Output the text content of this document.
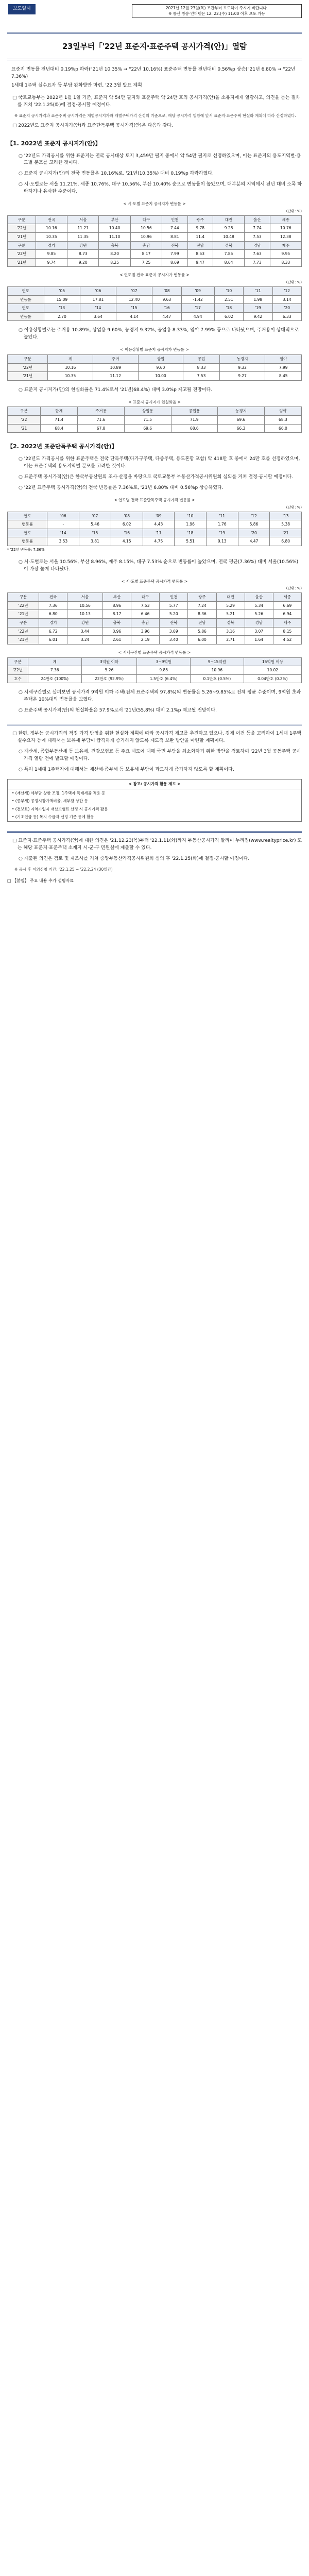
보도일시	2021년 12월 23일(목) 조간부터 보도하여 주시기 바랍니다.
※ 통신·방송·인터넷은 12. 22.(수) 11:00 이후 보도 가능
23일부터「'22년 표준지·표준주택 공시가격(안)」열람

표준지 변동률 전년대비 0.19%p 하락("21년 10.35% → "22년 10.16%) 표준주택 변동률 전년대비 0.56%p 상승("21년 6.80% → "22년 7.36%)

1세대 1주택 실수요자 등 부담 완화방안 마련, '22.3월 발표 계획

□ 국토교통부는 2022년 1월 1일 기준, 표준지 약 54만 필지와 표준주택 약 24만 호의 공시가격(안)을 소유자에게 열람하고, 의견을 듣는 절차를 거쳐 '22.1.25(화)에 결정·공시할 예정이다.

※ 표준지 공시가격과 표준주택 공시가격은 개별공시지가와 개별주택가격 산정의 기준으로, 해당 공시가격 열람에 앞서 표준지·표준주택 현실화 계획에 따라 산정하였다.

□ 2022년도 표준지 공시지가(안)과 표준단독주택 공시가격(안)은 다음과 같다.

【1. 2022년 표준지 공시지가(안)】

○ '22년도 가격공시를 위한 표준지는 전국 공시대상 토지 3,459만 필지 중에서 약 54만 필지로 선정하였으며, 이는 표준지의 용도지역별·용도별 분포를 고려한 것이다.

○ 표준지 공시지가(안)의 전국 변동률은 10.16%로, '21년(10.35%) 대비 0.19%p 하락하였다.

○ 시·도별로는 서울 11.21%, 세종 10.76%, 대구 10.56%, 부산 10.40% 순으로 변동률이 높았으며, 대부분의 지역에서 전년 대비 소폭 하락하거나 유사한 수준이다.

< 시·도별 표준지 공시지가 변동률 >
(단위: %)
구분	전국	서울	부산	대구	인천	광주	대전	울산	세종
'22년	10.16	11.21	10.40	10.56	7.44	9.78	9.28	7.74	10.76
'21년	10.35	11.35	11.10	10.96	8.81	11.4	10.48	7.53	12.38
구분	경기	강원	충북	충남	전북	전남	경북	경남	제주
'22년	9.85	8.73	8.20	8.17	7.99	8.53	7.85	7.63	9.95
'21년	9.74	9.20	8.25	7.25	8.69	9.47	8.64	7.73	8.33
< 연도별 전국 표준지 공시지가 변동률 >
(단위: %)
연도	'05	'06	'07	'08	'09	'10	'11	'12
변동률	15.09	17.81	12.40	9.63	-1.42	2.51	1.98	3.14
연도	'13	'14	'15	'16	'17	'18	'19	'20
변동률	2.70	3.64	4.14	4.47	4.94	6.02	9.42	6.33

○ 이용상황별로는 주거용 10.89%, 상업용 9.60%, 농경지 9.32%, 공업용 8.33%, 임야 7.99% 등으로 나타났으며, 주거용이 상대적으로 높았다.

< 이용상황별 표준지 공시지가 변동률 >
구분	계	주거	상업	공업	농경지	임야
'22년	10.16	10.89	9.60	8.33	9.32	7.99
'21년	10.35	11.12	10.00	7.53	9.27	8.45

○ 표준지 공시지가(안)의 현실화율은 71.4%로서 '21년(68.4%) 대비 3.0%p 제고될 전망이다.

< 표준지 공시지가 현실화율 >
구분	합계	주거용	상업용	공업용	농경지	임야
'22	71.4	71.6	71.5	71.9	69.6	68.3
'21	68.4	67.8	69.6	68.6	66.3	66.0
【2. 2022년 표준단독주택 공시가격(안)】

○ '22년도 가격공시를 위한 표준주택은 전국 단독주택(다가구주택, 다중주택, 용도혼합 포함) 약 418만 호 중에서 24만 호를 선정하였으며, 이는 표준주택의 용도지역별 분포를 고려한 것이다.

○ 표준주택 공시가격(안)은 한국부동산원의 조사·산정을 바탕으로 국토교통부 부동산가격공시위원회 심의를 거쳐 결정·공시할 예정이다.

○ '22년 표준주택 공시가격(안)의 전국 변동률은 7.36%로, '21년 6.80% 대비 0.56%p 상승하였다.

< 연도별 전국 표준단독주택 공시가격 변동률 >
(단위: %)
연도	'06	'07	'08	'09	'10	'11	'12	'13
변동률	-	5.46	6.02	4.43	1.96	1.76	5.86	5.38
연도	'14	'15	'16	'17	'18	'19	'20	'21
변동률	3.53	3.81	4.15	4.75	5.51	9.13	4.47	6.80
* '22년 변동률: 7.36%

○ 시·도별로는 서울 10.56%, 부산 8.96%, 제주 8.15%, 대구 7.53% 순으로 변동률이 높았으며, 전국 평균(7.36%) 대비 서울(10.56%)이 가장 높게 나타났다.

< 시·도별 표준주택 공시가격 변동률 >
(단위: %)
구분	전국	서울	부산	대구	인천	광주	대전	울산	세종
'22년	7.36	10.56	8.96	7.53	5.77	7.24	5.29	5.34	6.69
'21년	6.80	10.13	8.17	6.46	5.20	8.36	5.21	5.26	6.94
구분	경기	강원	충북	충남	전북	전남	경북	경남	제주
'22년	6.72	3.44	3.96	3.96	3.69	5.86	3.16	3.07	8.15
'21년	6.01	3.24	2.61	2.19	3.40	6.00	2.71	1.64	4.52
< 시세구간별 표준주택 공시가격 변동률 >
구분	계	3억원 이하	3~9억원	9~15억원	15억원 이상
'22년	7.36	5.26	9.85	10.96	10.02
호수	24만호 (100%)	22만호 (92.9%)	1.5만호 (6.4%)	0.1만호 (0.5%)	0.04만호 (0.2%)

○ 시세구간별로 살펴보면 공시가격 9억원 이하 주택(전체 표준주택의 97.8%)의 변동률은 5.26~9.85%로 전체 평균 수준이며, 9억원 초과 주택은 10%대의 변동률을 보였다.

○ 표준주택 공시가격(안)의 현실화율은 57.9%로서 '21년(55.8%) 대비 2.1%p 제고될 전망이다.

□ 한편, 정부는 공시가격의 적정 가격 반영을 위한 현실화 계획에 따라 공시가격 제고를 추진하고 있으나, 경제 여건 등을 고려하여 1세대 1주택 실수요자 등에 대해서는 보유세 부담이 급격하게 증가하지 않도록 제도적 보완 방안을 마련할 계획이다.

○ 재산세, 종합부동산세 등 보유세, 건강보험료 등 주요 제도에 대해 국민 부담을 최소화하기 위한 방안을 검토하여 '22년 3월 공동주택 공시가격 열람 전에 발표할 예정이다.

○ 특히 1세대 1주택자에 대해서는 재산세·종부세 등 보유세 부담이 과도하게 증가하지 않도록 할 계획이다.

< 참고: 공시가격 활용 제도 >

• (재산세) 세부담 상한 조정, 1주택자 특례세율 적용 등

• (종부세) 공정시장가액비율, 세부담 상한 등

• (건보료) 지역가입자 재산보험료 산정 시 공시가격 활용

• (기초연금 등) 복지 수급자 선정 기준 등에 활용

□ 표준지·표준주택 공시가격(안)에 대한 의견은 '21.12.23(목)부터 '22.1.11(화)까지 부동산공시가격 알리미 누리집(www.realtyprice.kr) 또는 해당 표준지·표준주택 소재지 시·군·구 민원실에 제출할 수 있다.

○ 제출된 의견은 검토 및 재조사를 거쳐 중앙부동산가격공시위원회 심의 후 '22.1.25(화)에 결정·공시할 예정이다.

※ 공시 후 이의신청 기간: '22.1.25 ~ '22.2.24 (30일간)

□ 【붙임】 주요 내용 추가 설명자료
